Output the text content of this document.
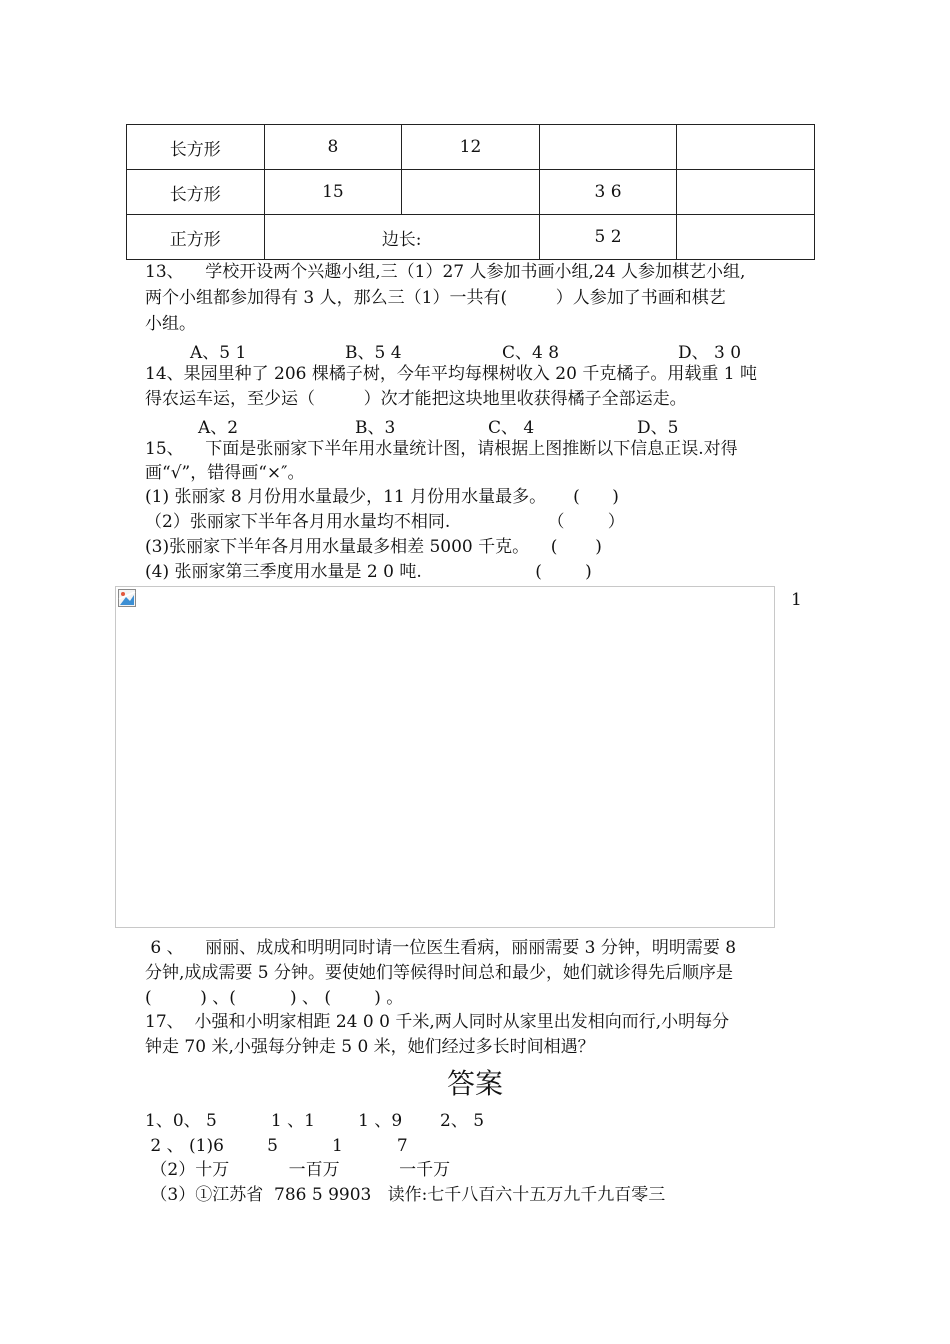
长方形	8	12		
长方形	15		3 6	
正方形	边长:		5 2	
13、    学校开设两个兴趣小组,三（1）27 人参加书画小组,24 人参加棋艺小组,
两个小组都参加得有 3 人，那么三（1）一共有(         ）人参加了书画和棋艺
小组。
A、5 1	B、5 4	C、4 8	D、 3 0
14、果园里种了 206 棵橘子树，今年平均每棵树收入 20 千克橘子。用载重 1 吨
得农运车运，至少运（         ）次才能把这块地里收获得橘子全部运走。
A、2	B、3	C、 4	D、5
15、    下面是张丽家下半年用水量统计图，请根据上图推断以下信息正误.对得
画“√”，错得画“×″。
(1) 张丽家 8 月份用水量最少，11 月份用水量最多。     (      )
（2）张丽家下半年各月用水量均不相同.                  （        ）
(3)张丽家下半年各月用水量最多相差 5000 千克。    (       )
(4) 张丽家第三季度用水量是 2 0 吨.                     (        )
1
6 、    丽丽、成成和明明同时请一位医生看病，丽丽需要 3 分钟，明明需要 8
分钟,成成需要 5 分钟。要使她们等候得时间总和最少，她们就诊得先后顺序是
(         ) 、(          ) 、 (        ) 。
17、  小强和小明家相距 24 0 0 千米,两人同时从家里出发相向而行,小明每分
钟走 70 米,小强每分钟走 5 0 米，她们经过多长时间相遇？
答案
1、0、 5          1 、1        1 、9       2、 5
2 、 (1)6        5          1          7
（2）十万           一百万           一千万
（3）①江苏省  786 5 9903   读作:七千八百六十五万九千九百零三
